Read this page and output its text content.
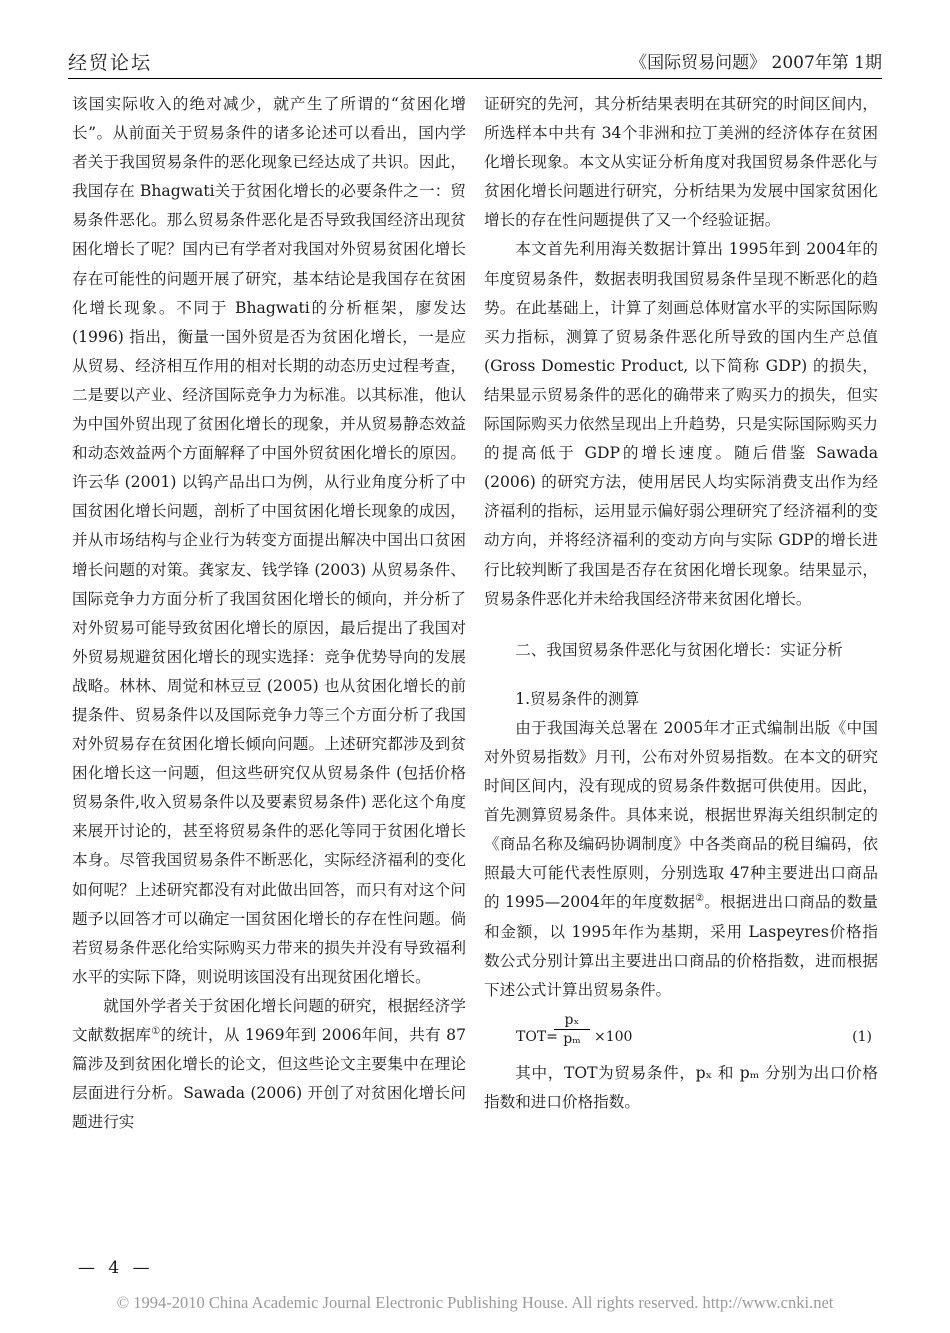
经贸论坛	《国际贸易问题》 2007年第 1期

该国实际收入的绝对减少，就产生了所谓的“贫困化增长”。从前面关于贸易条件的诸多论述可以看出，国内学者关于我国贸易条件的恶化现象已经达成了共识。因此，我国存在 Bhagwati关于贫困化增长的必要条件之一：贸易条件恶化。那么贸易条件恶化是否导致我国经济出现贫困化增长了呢？国内已有学者对我国对外贸易贫困化增长存在可能性的问题开展了研究，基本结论是我国存在贫困化增长现象。不同于 Bhagwati的分析框架，廖发达 (1996) 指出，衡量一国外贸是否为贫困化增长，一是应从贸易、经济相互作用的相对长期的动态历史过程考查，二是要以产业、经济国际竞争力为标准。以其标准，他认为中国外贸出现了贫困化增长的现象，并从贸易静态效益和动态效益两个方面解释了中国外贸贫困化增长的原因。许云华 (2001) 以钨产品出口为例，从行业角度分析了中国贫困化增长问题，剖析了中国贫困化增长现象的成因，并从市场结构与企业行为转变方面提出解决中国出口贫困增长问题的对策。龚家友、钱学锋 (2003) 从贸易条件、国际竞争力方面分析了我国贫困化增长的倾向，并分析了对外贸易可能导致贫困化增长的原因，最后提出了我国对外贸易规避贫困化增长的现实选择：竞争优势导向的发展战略。林林、周觉和林豆豆 (2005) 也从贫困化增长的前提条件、贸易条件以及国际竞争力等三个方面分析了我国对外贸易存在贫困化增长倾向问题。上述研究都涉及到贫困化增长这一问题，但这些研究仅从贸易条件 (包括价格贸易条件,收入贸易条件以及要素贸易条件) 恶化这个角度来展开讨论的，甚至将贸易条件的恶化等同于贫困化增长本身。尽管我国贸易条件不断恶化，实际经济福利的变化如何呢？上述研究都没有对此做出回答，而只有对这个问题予以回答才可以确定一国贫困化增长的存在性问题。倘若贸易条件恶化给实际购买力带来的损失并没有导致福利水平的实际下降，则说明该国没有出现贫困化增长。

就国外学者关于贫困化增长问题的研究，根据经济学文献数据库①的统计，从 1969年到 2006年间，共有 87篇涉及到贫困化增长的论文，但这些论文主要集中在理论层面进行分析。Sawada (2006) 开创了对贫困化增长问题进行实

证研究的先河，其分析结果表明在其研究的时间区间内，所选样本中共有 34个非洲和拉丁美洲的经济体存在贫困化增长现象。本文从实证分析角度对我国贸易条件恶化与贫困化增长问题进行研究，分析结果为发展中国家贫困化增长的存在性问题提供了又一个经验证据。

本文首先利用海关数据计算出 1995年到 2004年的年度贸易条件，数据表明我国贸易条件呈现不断恶化的趋势。在此基础上，计算了刻画总体财富水平的实际国际购买力指标，测算了贸易条件恶化所导致的国内生产总值 (Gross Domestic Product, 以下简称 GDP) 的损失，结果显示贸易条件的恶化的确带来了购买力的损失，但实际国际购买力依然呈现出上升趋势，只是实际国际购买力的提高低于 GDP的增长速度。随后借鉴 Sawada (2006) 的研究方法，使用居民人均实际消费支出作为经济福利的指标，运用显示偏好弱公理研究了经济福利的变动方向，并将经济福利的变动方向与实际 GDP的增长进行比较判断了我国是否存在贫困化增长现象。结果显示，贸易条件恶化并未给我国经济带来贫困化增长。

二、我国贸易条件恶化与贫困化增长：实证分析

1.贸易条件的测算

由于我国海关总署在 2005年才正式编制出版《中国对外贸易指数》月刊，公布对外贸易指数。在本文的研究时间区间内，没有现成的贸易条件数据可供使用。因此，首先测算贸易条件。具体来说，根据世界海关组织制定的《商品名称及编码协调制度》中各类商品的税目编码，依照最大可能代表性原则，分别选取 47种主要进出口商品的 1995—2004年的年度数据②。根据进出口商品的数量和金额，以 1995年作为基期，采用 Laspeyres价格指数公式分别计算出主要进出口商品的价格指数，进而根据下述公式计算出贸易条件。

TOT=
$\frac{\text{pₓ}}{\text{pₘ}} \times 100$	(1)

其中，TOT为贸易条件，pₓ 和 pₘ 分别为出口价格指数和进口价格指数。

— 4 —
© 1994-2010 China Academic Journal Electronic Publishing House. All rights reserved. http://www.cnki.net
